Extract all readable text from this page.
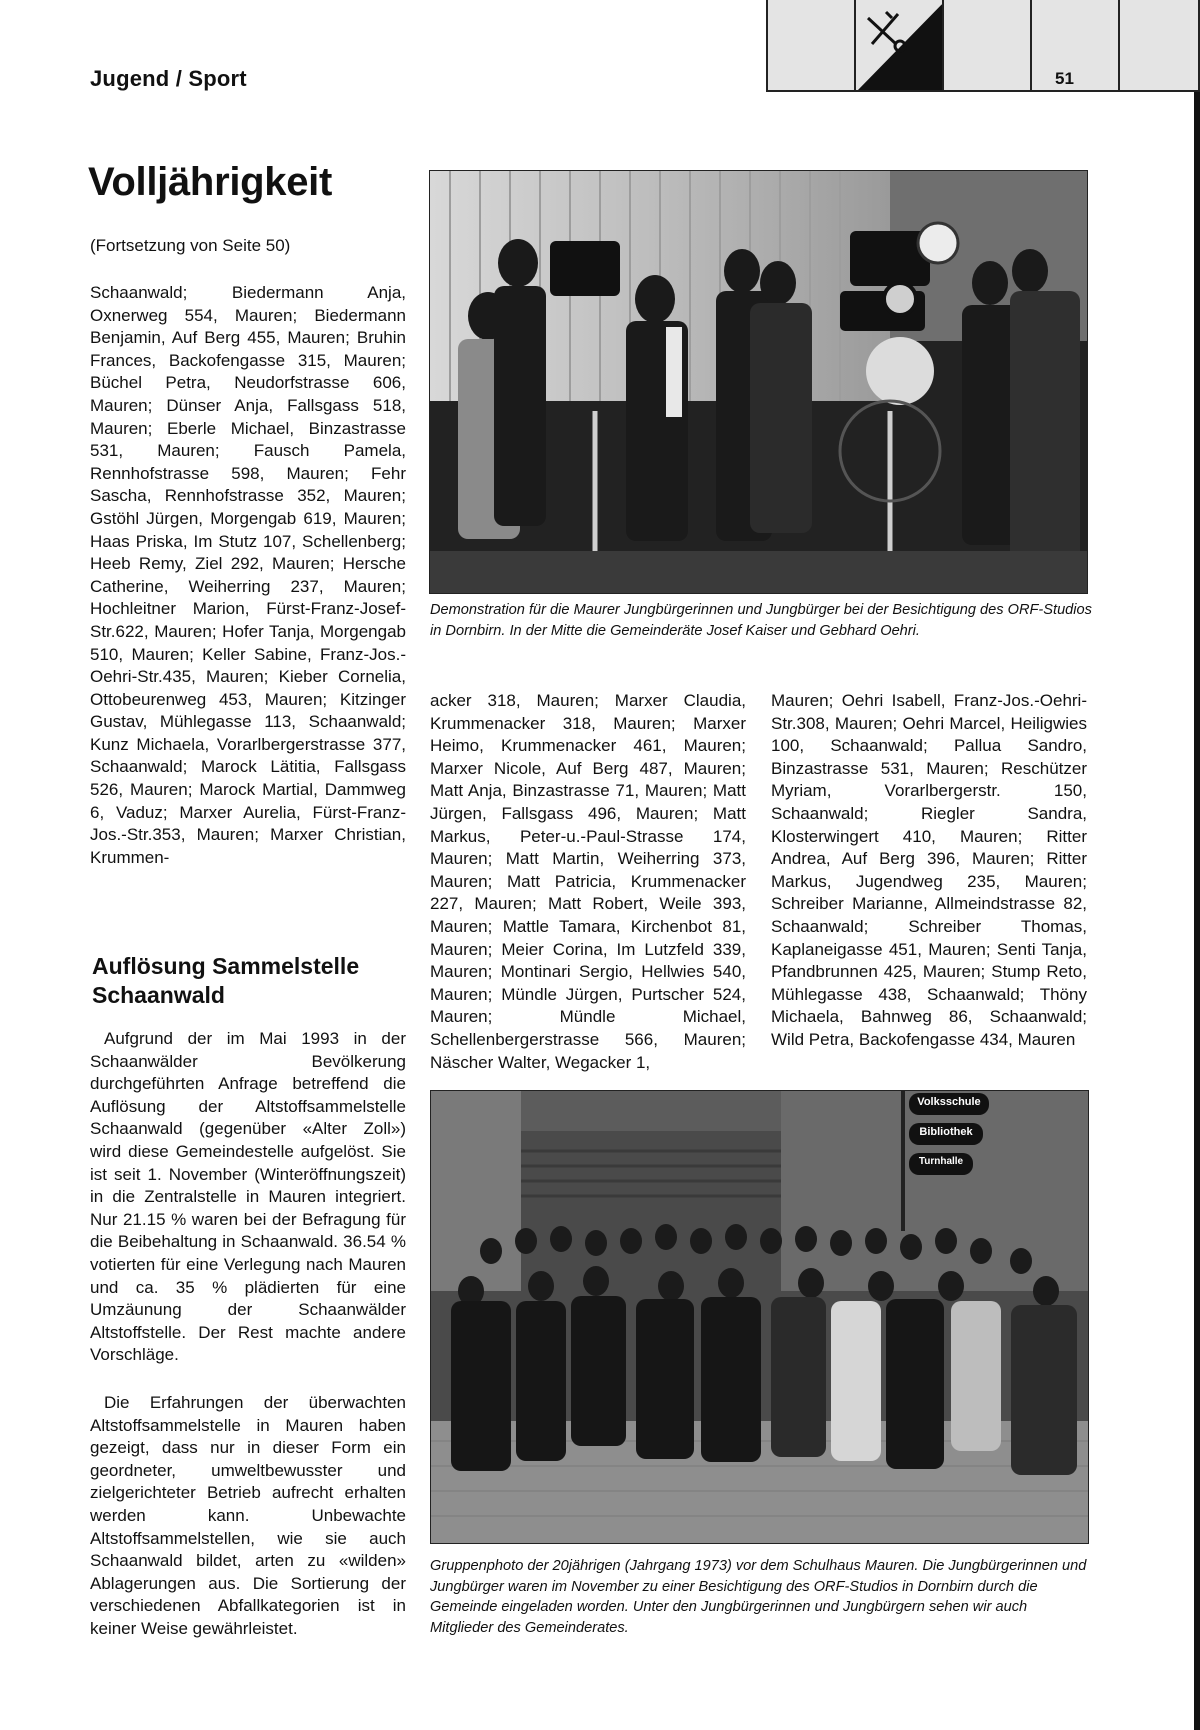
Jugend / Sport	51
Volljährigkeit
(Fortsetzung von Seite 50)
Schaanwald; Biedermann Anja, Oxnerweg 554, Mauren; Biedermann Benjamin, Auf Berg 455, Mauren; Bruhin Frances, Backofengasse 315, Mauren; Büchel Petra, Neudorfstrasse 606, Mauren; Dünser Anja, Fallsgass 518, Mauren; Eberle Michael, Binzastrasse 531, Mauren; Fausch Pamela, Rennhofstrasse 598, Mauren; Fehr Sascha, Rennhofstrasse 352, Mauren; Gstöhl Jürgen, Morgengab 619, Mauren; Haas Priska, Im Stutz 107, Schellenberg; Heeb Remy, Ziel 292, Mauren; Hersche Catherine, Weiherring 237, Mauren; Hochleitner Marion, Fürst-Franz-Josef-Str.622, Mauren; Hofer Tanja, Morgengab 510, Mauren; Keller Sabine, Franz-Jos.-Oehri-Str.435, Mauren; Kieber Cornelia, Ottobeurenweg 453, Mauren; Kitzinger Gustav, Mühlegasse 113, Schaanwald; Kunz Michaela, Vorarlbergerstrasse 377, Schaanwald; Marock Lätitia, Fallsgass 526, Mauren; Marock Martial, Dammweg 6, Vaduz; Marxer Aurelia, Fürst-Franz-Jos.-Str.353, Mauren; Marxer Christian, Krummen-
acker 318, Mauren; Marxer Claudia, Krummenacker 318, Mauren; Marxer Heimo, Krummenacker 461, Mauren; Marxer Nicole, Auf Berg 487, Mauren; Matt Anja, Binzastrasse 71, Mauren; Matt Jürgen, Fallsgass 496, Mauren; Matt Markus, Peter-u.-Paul-Strasse 174, Mauren; Matt Martin, Weiherring 373, Mauren; Matt Patricia, Krummenacker 227, Mauren; Matt Robert, Weile 393, Mauren; Mattle Tamara, Kirchenbot 81, Mauren; Meier Corina, Im Lutzfeld 339, Mauren; Montinari Sergio, Hellwies 540, Mauren; Mündle Jürgen, Purtscher 524, Mauren; Mündle Michael, Schellenbergerstrasse 566, Mauren; Näscher Walter, Wegacker 1,
Mauren; Oehri Isabell, Franz-Jos.-Oehri-Str.308, Mauren; Oehri Marcel, Heiligwies 100, Schaanwald; Pallua Sandro, Binzastrasse 531, Mauren; Reschützer Myriam, Vorarlbergerstr. 150, Schaanwald; Riegler Sandra, Klosterwingert 410, Mauren; Ritter Andrea, Auf Berg 396, Mauren; Ritter Markus, Jugendweg 235, Mauren; Schreiber Marianne, Allmeindstrasse 82, Schaanwald; Schreiber Thomas, Kaplaneigasse 451, Mauren; Senti Tanja, Pfandbrunnen 425, Mauren; Stump Reto, Mühlegasse 438, Schaanwald; Thöny Michaela, Bahnweg 86, Schaanwald; Wild Petra, Backofengasse 434, Mauren
Auflösung Sammelstelle Schaanwald

Aufgrund der im Mai 1993 in der Schaanwälder Bevölkerung durchgeführten Anfrage betreffend die Auflösung der Altstoffsammelstelle Schaanwald (gegenüber «Alter Zoll») wird diese Gemeindestelle aufgelöst. Sie ist seit 1. November (Winteröffnungszeit) in die Zentralstelle in Mauren integriert. Nur 21.15 % waren bei der Befragung für die Beibehaltung in Schaanwald. 36.54 % votierten für eine Verlegung nach Mauren und ca. 35 % plädierten für eine Umzäunung der Schaanwälder Altstoffstelle. Der Rest machte andere Vorschläge.

Die Erfahrungen der überwachten Altstoffsammelstelle in Mauren haben gezeigt, dass nur in dieser Form ein geordneter, umweltbewusster und zielgerichteter Betrieb aufrecht erhalten werden kann. Unbewachte Altstoffsammelstellen, wie sie auch Schaanwald bildet, arten zu «wilden» Ablagerungen aus. Die Sortierung der verschiedenen Abfallkategorien ist in keiner Weise gewährleistet.

Demonstration für die Maurer Jungbürgerinnen und Jungbürger bei der Besichtigung des ORF-Studios in Dornbirn. In der Mitte die Gemeinderäte Josef Kaiser und Gebhard Oehri.

Volksschule
Bibliothek
Turnhalle

Gruppenphoto der 20jährigen (Jahrgang 1973) vor dem Schulhaus Mauren. Die Jungbürgerinnen und Jungbürger waren im November zu einer Besichtigung des ORF-Studios in Dornbirn durch die Gemeinde eingeladen worden. Unter den Jungbürgerinnen und Jungbürgern sehen wir auch Mitglieder des Gemeinderates.
